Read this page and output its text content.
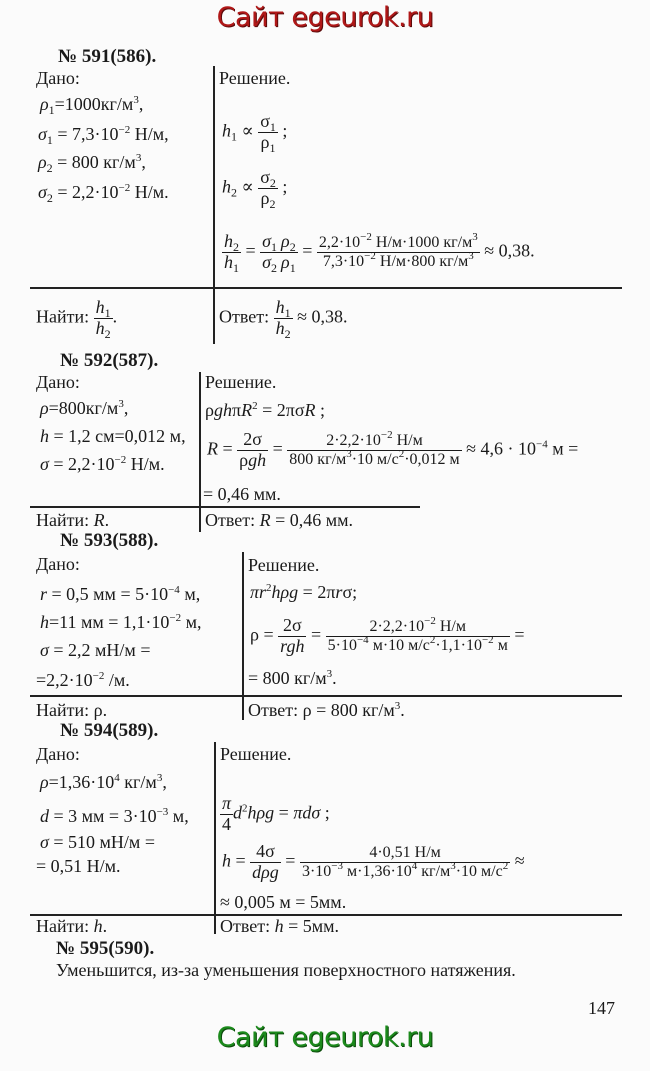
Сайт egeurok.ru
№ 591(586).
Дано:
$\rho_1=1000кг/м^3$,
$\sigma_1 = 7,3\cdot 10^{-2}$ Н/м,
$\rho_2 = 800$ $кг/м^3$,
$\sigma_2 = 2,2\cdot 10^{-2}$ Н/м.
Решение.
$h_1 \propto \frac{\sigma_1}{\rho_1}$ ;
$h_2 \propto \frac{\sigma_2}{\rho_2}$ ;
$\frac{h_2}{h_1} = \frac{\sigma_1}{\sigma_2} \frac{\rho_2}{\rho_1} = \frac{2,2\cdot 10^{-2} Н/м\cdot 1000 кг/м^3}{7,3\cdot 10^{-2} Н/м\cdot 800 кг/м^3} \approx 0,38$.
Найти: $\frac{h_1}{h_2}$ .	Ответ: $\frac{h_1}{h_2} \approx 0,38$.
№ 592(587).
Дано:
$\rho=800кг/м^3$,
h = 1,2 см=0,012 м,
$\sigma = 2,2\cdot 10^{-2}$ Н/м.
Решение.
ρghπR$^2$ = 2πσR ;
$R = \frac{2\sigma}{\text{ρgh}} = \frac{2\cdot 2,2\cdot 10^{-2} Н/м}{800 кг/м^3\cdot 10 м/с^2\cdot 0,012 м} \approx 4,6 \cdot 10^{-4}$ м =
= 0,46 мм.
Найти: R.	Ответ: R = 0,46 мм.
№ 593(588).
Дано:
r = 0,5 мм = $5\cdot 10^{-4}$ м,
h=11 мм = $1,1\cdot 10^{-2}$ м,
σ = 2,2 мН/м =
$=2,2\cdot 10^{-2}$ /м.
Решение.
$\pi r^2h\rho g = 2\pi r\sigma$;
$\rho = \frac{2\sigma}{\text{rgh}} = \frac{2\cdot 2,2\cdot 10^{-2} Н/м}{5\cdot 10^{-4} м\cdot 10 м/с^2\cdot 1,1\cdot 10^{-2} м}$ =
= 800 $кг/м^3$.
Найти: ρ.	Ответ: ρ = 800 $кг/м^3$.
№ 594(589).
Дано:
$\rho=1,36\cdot 10^4$ $кг/м^3$,
d = 3 мм = $3\cdot 10^{-3}$ м,
σ = 510 мН/м =
= 0,51 Н/м.
Решение.
$\frac{\pi}{4} d^2h\rho g = \pi d\sigma$ ;
$h = \frac{4\sigma}{\text{dρg}} = \frac{4\cdot 0,51 Н/м}{3\cdot 10^{-3} м\cdot 1,36\cdot 10^4 кг/м^3\cdot 10 м/с^2}$ ≈
≈ 0,005 м = 5мм.
Найти: h.	Ответ: h = 5мм.
№ 595(590).
Уменьшится, из-за уменьшения поверхностного натяжения.
147
Сайт egeurok.ru
